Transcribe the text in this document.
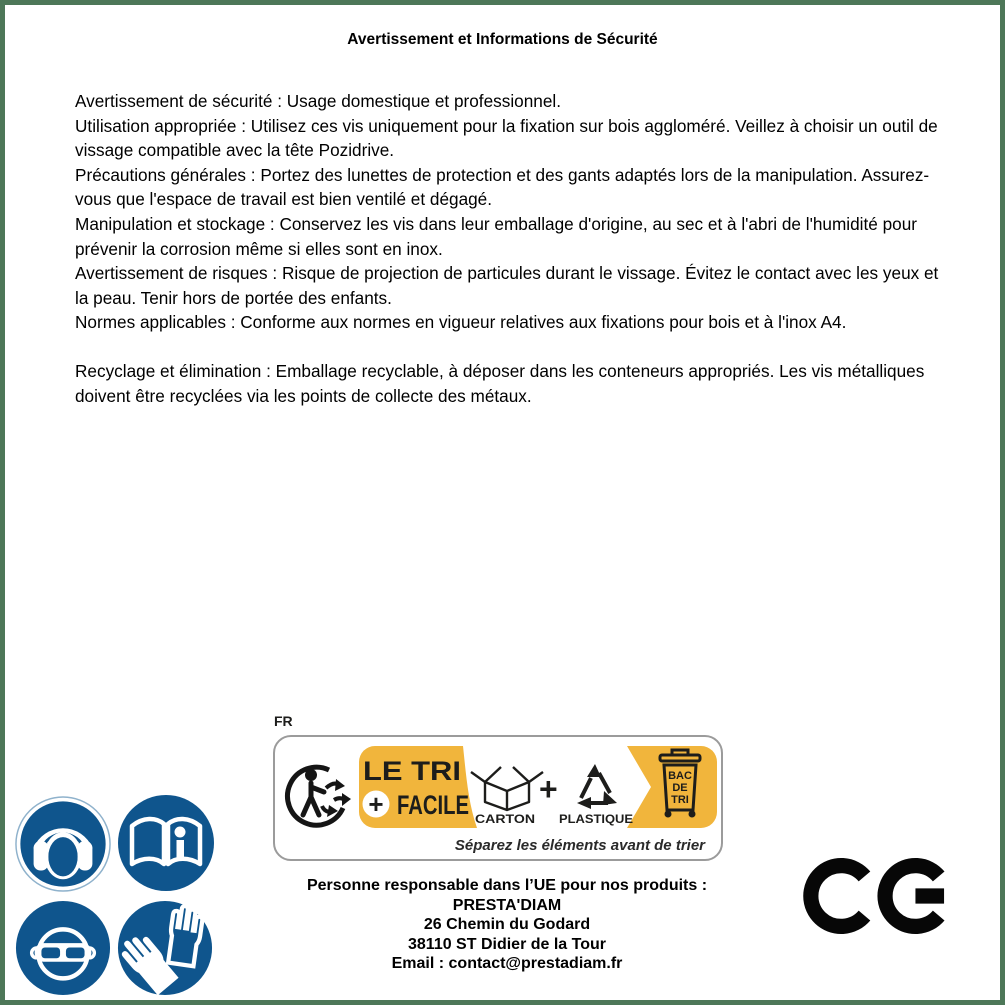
Avertissement et Informations de Sécurité

Avertissement de sécurité : Usage domestique et professionnel.

Utilisation appropriée : Utilisez ces vis uniquement pour la fixation sur bois aggloméré. Veillez à choisir un outil de vissage compatible avec la tête Pozidrive.

Précautions générales : Portez des lunettes de protection et des gants adaptés lors de la manipulation. Assurez-vous que l'espace de travail est bien ventilé et dégagé.

Manipulation et stockage : Conservez les vis dans leur emballage d'origine, au sec et à l'abri de l'humidité pour prévenir la corrosion même si elles sont en inox.

Avertissement de risques : Risque de projection de particules durant le vissage. Évitez le contact avec les yeux et la peau. Tenir hors de portée des enfants.

Normes applicables : Conforme aux normes en vigueur relatives aux fixations pour bois et à l'inox A4.

Recyclage et élimination : Emballage recyclable, à déposer dans les conteneurs appropriés. Les vis métalliques doivent être recyclées via les points de collecte des métaux.

FR
LE TRI
+ FACILE CARTON
+
PLASTIQUE
BAC
DE
TRI
Séparez les éléments avant de trier
Personne responsable dans l’UE pour nos produits :
PRESTA'DIAM
26 Chemin du Godard
38110 ST Didier de la Tour
Email : contact@prestadiam.fr
